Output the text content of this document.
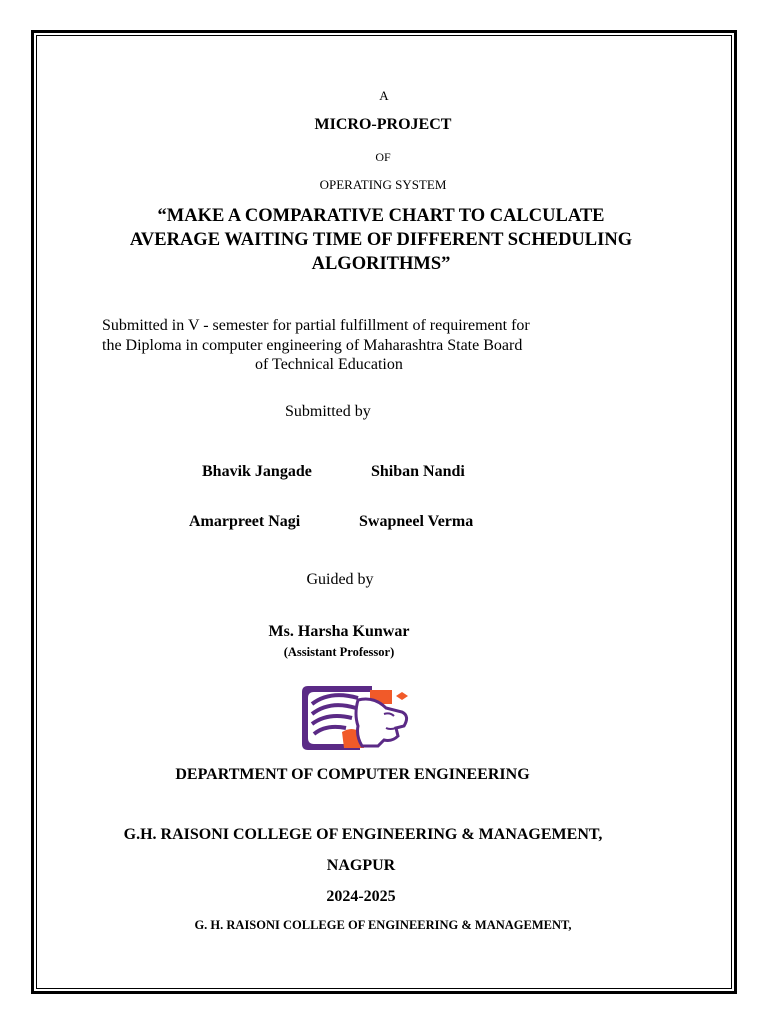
A
MICRO-PROJECT
OF
OPERATING SYSTEM
“MAKE A COMPARATIVE CHART TO CALCULATE
AVERAGE WAITING TIME OF DIFFERENT SCHEDULING
ALGORITHMS”
Submitted in V - semester for partial fulfillment of requirement for
the Diploma in computer engineering of Maharashtra State Board
of Technical Education
Submitted by
Bhavik Jangade	Shiban Nandi
Amarpreet Nagi	Swapneel Verma
Guided by
Ms. Harsha Kunwar
(Assistant Professor)
DEPARTMENT OF COMPUTER ENGINEERING
G.H. RAISONI COLLEGE OF ENGINEERING & MANAGEMENT,
NAGPUR
2024-2025
G. H. RAISONI COLLEGE OF ENGINEERING & MANAGEMENT,
